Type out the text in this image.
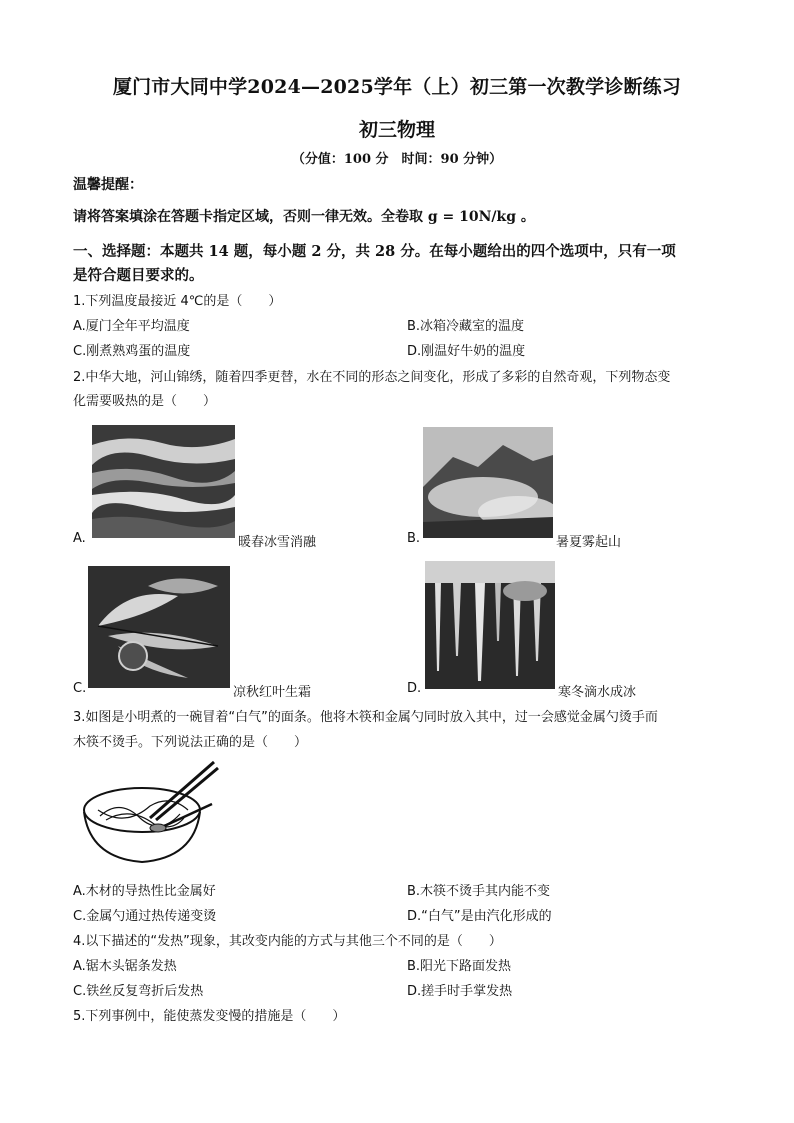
厦门市大同中学2024—2025学年（上）初三第一次教学诊断练习
初三物理
（分值：100 分　时间：90 分钟）
温馨提醒：
请将答案填涂在答题卡指定区域，否则一律无效。全卷取 g = 10N/kg 。
一、选择题：本题共 14 题，每小题 2 分，共 28 分。在每小题给出的四个选项中，只有一项
是符合题目要求的。
1.下列温度最接近 4℃的是（　　）
A.厦门全年平均温度	B.冰箱冷藏室的温度
C.刚煮熟鸡蛋的温度	D.刚温好牛奶的温度
2.中华大地，河山锦绣，随着四季更替，水在不同的形态之间变化，形成了多彩的自然奇观，下列物态变
化需要吸热的是（　　）
A.	暖春冰雪消融	B.	暑夏雾起山
C.	凉秋红叶生霜	D.	寒冬滴水成冰
3.如图是小明煮的一碗冒着“白气”的面条。他将木筷和金属勺同时放入其中，过一会感觉金属勺烫手而
木筷不烫手。下列说法正确的是（　　）
A.木材的导热性比金属好	B.木筷不烫手其内能不变
C.金属勺通过热传递变烫	D.“白气”是由汽化形成的
4.以下描述的“发热”现象，其改变内能的方式与其他三个不同的是（　　）
A.锯木头锯条发热	B.阳光下路面发热
C.铁丝反复弯折后发热	D.搓手时手掌发热
5.下列事例中，能使蒸发变慢的措施是（　　）
